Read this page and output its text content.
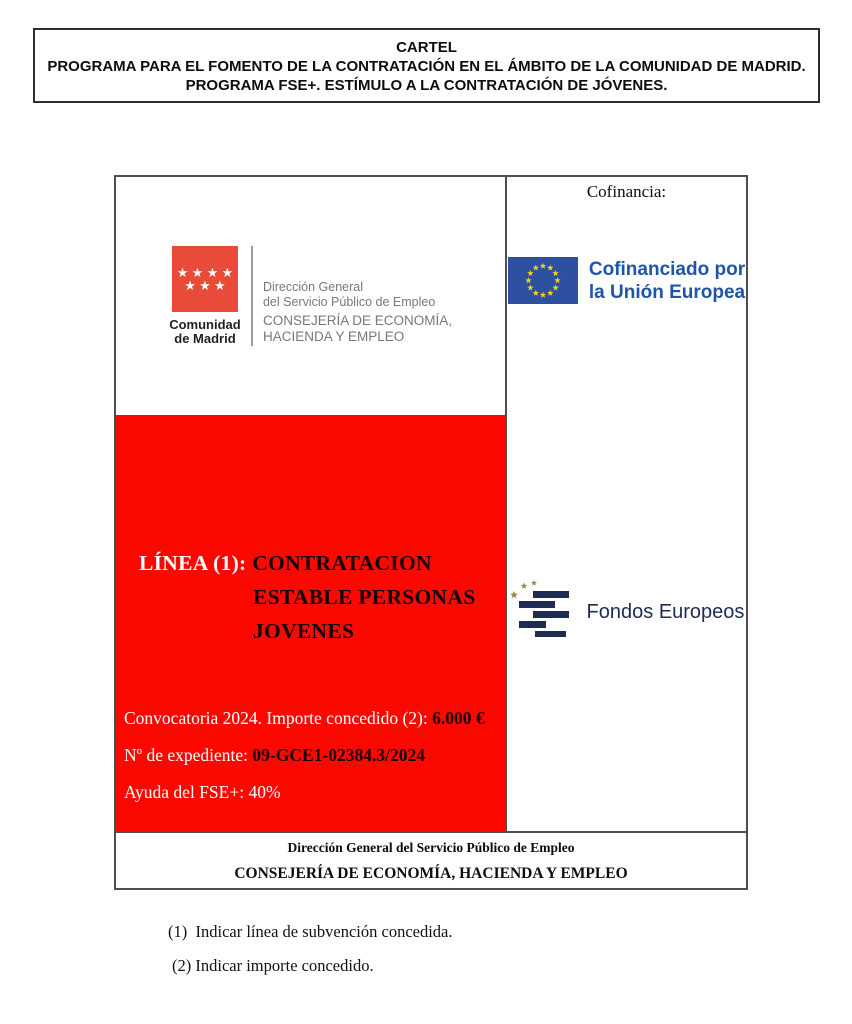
CARTEL
PROGRAMA PARA EL FOMENTO DE LA CONTRATACIÓN EN EL ÁMBITO DE LA COMUNIDAD DE MADRID. PROGRAMA FSE+. ESTÍMULO A LA CONTRATACIÓN DE JÓVENES.
★ ★ ★ ★
★ ★ ★
Comunidad
de Madrid
Dirección General
del Servicio Público de Empleo
CONSEJERÍA DE ECONOMÍA,
HACIENDA Y EMPLEO
LÍNEA (1): CONTRATACION
ESTABLE PERSONAS
JOVENES
Convocatoria 2024. Importe concedido (2): 6.000 €
Nº de expediente: 09-GCE1-02384.3/2024
Ayuda del FSE+: 40%
Cofinancia:
Cofinanciado por
la Unión Europea
Fondos Europeos
Dirección General del Servicio Público de Empleo
CONSEJERÍA DE ECONOMÍA, HACIENDA Y EMPLEO
(1)  Indicar línea de subvención concedida.
(2) Indicar importe concedido.
